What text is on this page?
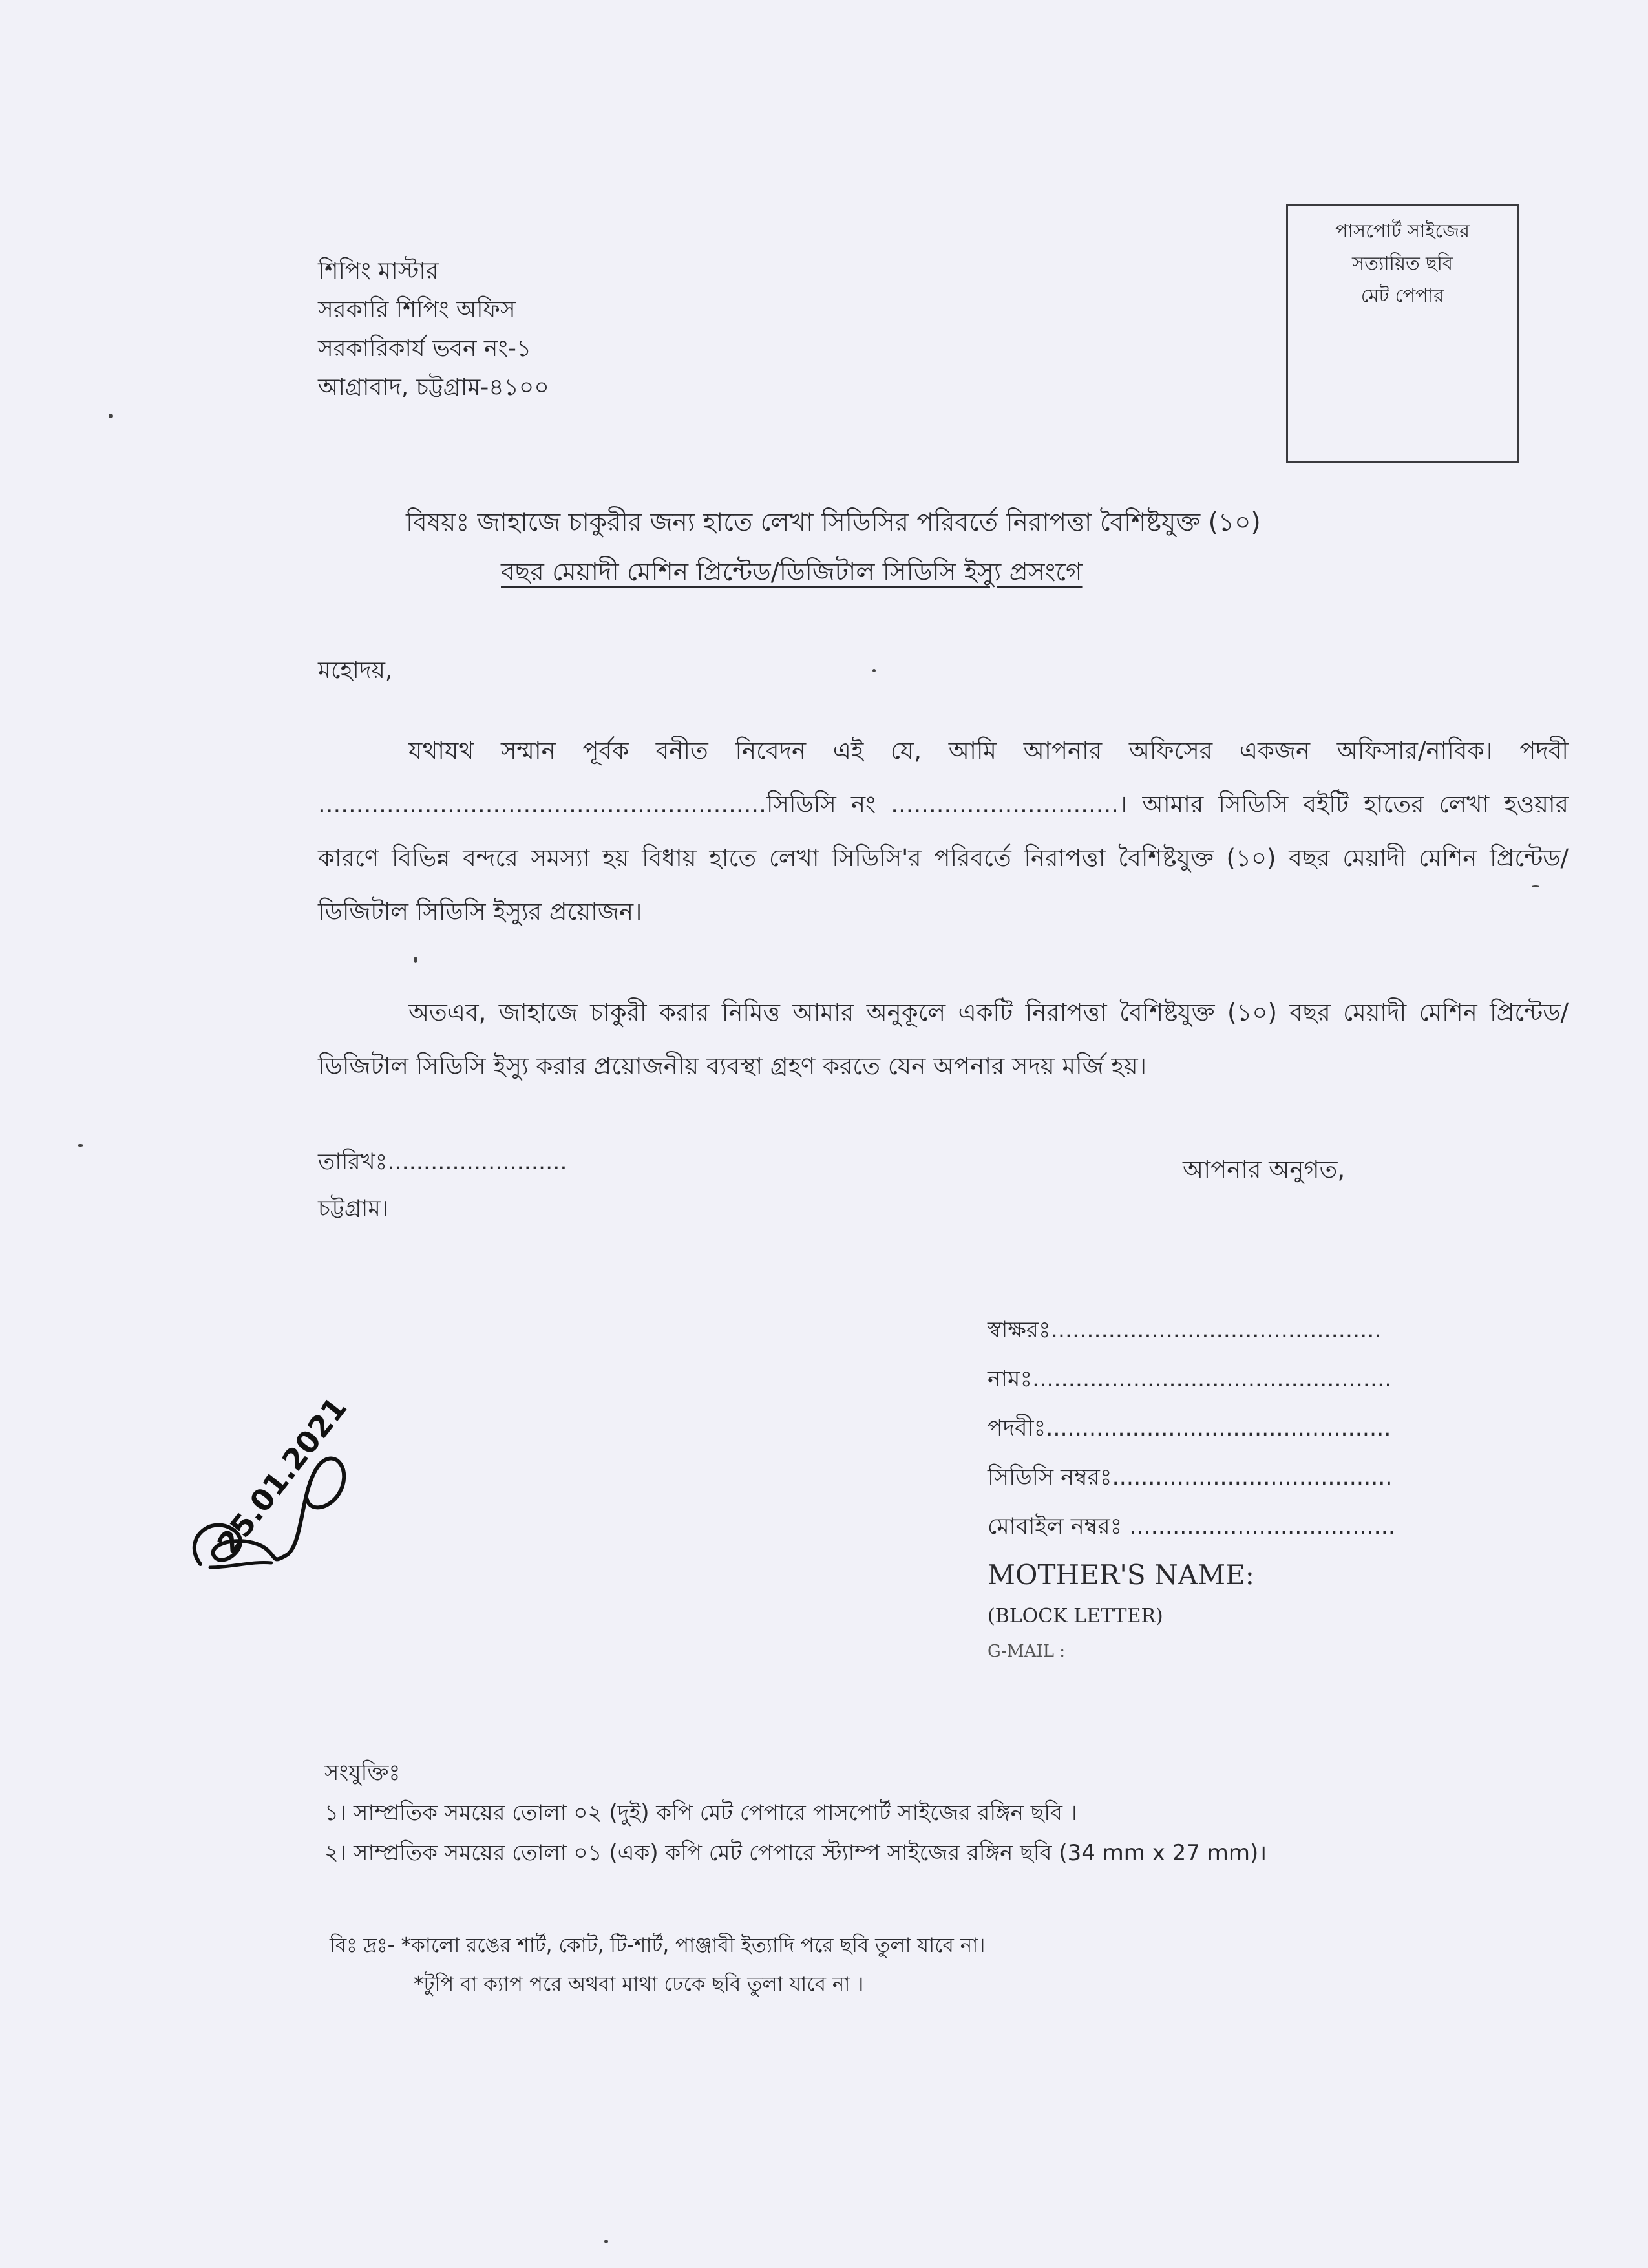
শিপিং মাস্টার
সরকারি শিপিং অফিস
সরকারিকার্য ভবন নং-১
আগ্রাবাদ, চট্টগ্রাম-৪১০০
পাসপোর্ট সাইজের
সত্যায়িত ছবি
মেট পেপার
বিষয়ঃ জাহাজে চাকুরীর জন্য হাতে লেখা সিডিসির পরিবর্তে নিরাপত্তা বৈশিষ্টযুক্ত (১০)
বছর মেয়াদী মেশিন প্রিন্টেড/ডিজিটাল সিডিসি ইস্যু প্রসংগে
মহোদয়,
যথাযথ সম্মান পূর্বক বনীত নিবেদন এই যে, আমি আপনার অফিসের একজন অফিসার/নাবিক। পদবী ...........................................................সিডিসি নং ..............................। আমার সিডিসি বইটি হাতের লেখা হওয়ার কারণে বিভিন্ন বন্দরে সমস্যা হয় বিধায় হাতে লেখা সিডিসি'র পরিবর্তে নিরাপত্তা বৈশিষ্টযুক্ত (১০) বছর মেয়াদী মেশিন প্রিন্টেড/ডিজিটাল সিডিসি ইস্যুর প্রয়োজন।
অতএব, জাহাজে চাকুরী করার নিমিত্ত আমার অনুকূলে একটি নিরাপত্তা বৈশিষ্টযুক্ত (১০) বছর মেয়াদী মেশিন প্রিন্টেড/ডিজিটাল সিডিসি ইস্যু করার প্রয়োজনীয় ব্যবস্থা গ্রহণ করতে যেন অপনার সদয় মর্জি হয়।
তারিখঃ.........................
চট্টগ্রাম।
আপনার অনুগত,
স্বাক্ষরঃ..............................................
নামঃ..................................................
পদবীঃ................................................
সিডিসি নম্বরঃ.......................................
মোবাইল নম্বরঃ .....................................
MOTHER'S NAME:
(BLOCK LETTER)
G-MAIL :
25.01.2021
সংযুক্তিঃ
১। সাম্প্রতিক সময়ের তোলা ০২ (দুই) কপি মেট পেপারে পাসপোর্ট সাইজের রঙ্গিন ছবি ।
২। সাম্প্রতিক সময়ের তোলা ০১ (এক) কপি মেট পেপারে স্ট্যাম্প সাইজের রঙ্গিন ছবি (34 mm x 27 mm)।
বিঃ দ্রঃ- *কালো রঙের শার্ট, কোট, টি-শার্ট, পাঞ্জাবী ইত্যাদি পরে ছবি তুলা যাবে না।
*টুপি বা ক্যাপ পরে অথবা মাথা ঢেকে ছবি তুলা যাবে না ।
